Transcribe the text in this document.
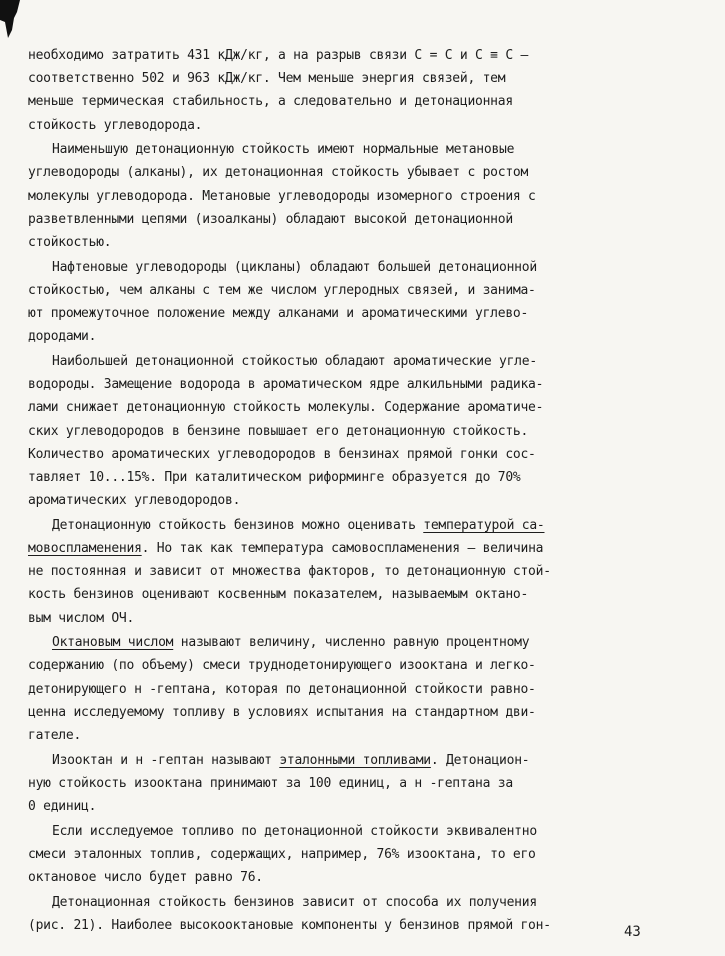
необходимо затратить 431 кДж/кг, а на разрыв связи C = C и C ≡ C –
соответственно 502 и 963 кДж/кг. Чем меньше энергия связей, тем
меньше термическая стабильность, а следовательно и детонационная
стойкость углеводорода.
Наименьшую детонационную стойкость имеют нормальные метановые
углеводороды (алканы), их детонационная стойкость убывает с ростом
молекулы углеводорода. Метановые углеводороды изомерного строения с
разветвленными цепями (изоалканы) обладают высокой детонационной
стойкостью.
Нафтеновые углеводороды (цикланы) обладают большей детонационной
стойкостью, чем алканы с тем же числом углеродных связей, и занима-
ют промежуточное положение между алканами и ароматическими углево-
дородами.
Наибольшей детонационной стойкостью обладают ароматические угле-
водороды. Замещение водорода в ароматическом ядре алкильными радика-
лами снижает детонационную стойкость молекулы. Содержание ароматиче-
ских углеводородов в бензине повышает его детонационную стойкость.
Количество ароматических углеводородов в бензинах прямой гонки сос-
тавляет 10...15%. При каталитическом риформинге образуется до 70%
ароматических углеводородов.
Детонационную стойкость бензинов можно оценивать температурой са-
мовоспламенения. Но так как температура самовоспламенения – величина
не постоянная и зависит от множества факторов, то детонационную стой-
кость бензинов оценивают косвенным показателем, называемым октано-
вым числом ОЧ.
Октановым числом называют величину, численно равную процентному
содержанию (по объему) смеси труднодетонирующего изооктана и легко-
детонирующего н -гептана, которая по детонационной стойкости равно-
ценна исследуемому топливу в условиях испытания на стандартном дви-
гателе.
Изооктан и н -гептан называют эталонными топливами. Детонацион-
ную стойкость изооктана принимают за 100 единиц, а н -гептана за
0 единиц.
Если исследуемое топливо по детонационной стойкости эквивалентно
смеси эталонных топлив, содержащих, например, 76% изооктана, то его
октановое число будет равно 76.
Детонационная стойкость бензинов зависит от способа их получения
(рис. 21). Наиболее высокооктановые компоненты у бензинов прямой гон-	43
